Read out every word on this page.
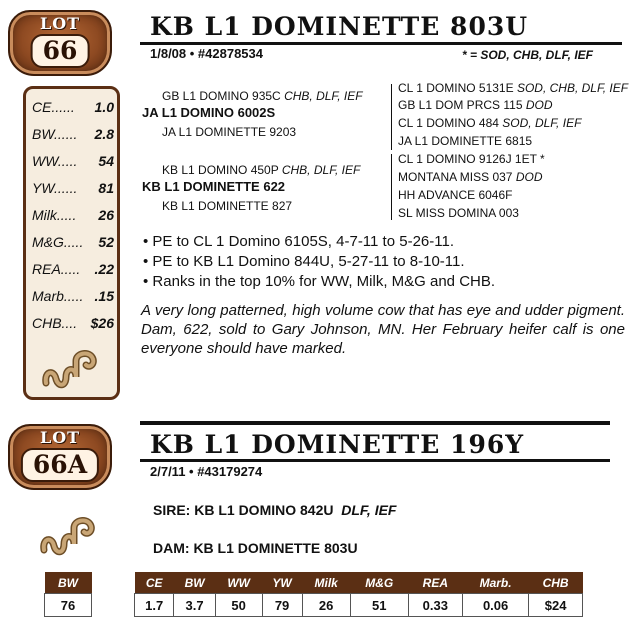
LOT
66
CE...... 1.0
BW...... 2.8
WW..... 54
YW...... 81
Milk..... 26
M&G..... 52
REA..... .22
Marb..... .15
CHB.... $26
KB L1 DOMINETTE 803U
1/8/08 • #42878534	* = SOD, CHB, DLF, IEF
GB L1 DOMINO 935C CHB, DLF, IEF
JA L1 DOMINO 6002S
JA L1 DOMINETTE 9203
KB L1 DOMINO 450P CHB, DLF, IEF
KB L1 DOMINETTE 622
KB L1 DOMINETTE 827
CL 1 DOMINO 5131E SOD, CHB, DLF, IEF
GB L1 DOM PRCS 115 DOD
CL 1 DOMINO 484 SOD, DLF, IEF
JA L1 DOMINETTE 6815
CL 1 DOMINO 9126J 1ET *
MONTANA MISS 037 DOD
HH ADVANCE 6046F
SL MISS DOMINA 003
• PE to CL 1 Domino 6105S, 4-7-11 to 5-26-11.
• PE to KB L1 Domino 844U, 5-27-11 to 8-10-11.
• Ranks in the top 10% for WW, Milk, M&G and CHB.
A very long patterned, high volume cow that has eye and udder pigment. Dam, 622, sold to Gary Johnson, MN. Her February heifer calf is one everyone should have marked.
LOT
66A
KB L1 DOMINETTE 196Y
2/7/11 • #43179274
SIRE: KB L1 DOMINO 842U DLF, IEF
DAM: KB L1 DOMINETTE 803U
BW
76
CE	BW	WW	YW	Milk	M&G	REA	Marb.	CHB
1.7	3.7	50	79	26	51	0.33	0.06	$24
